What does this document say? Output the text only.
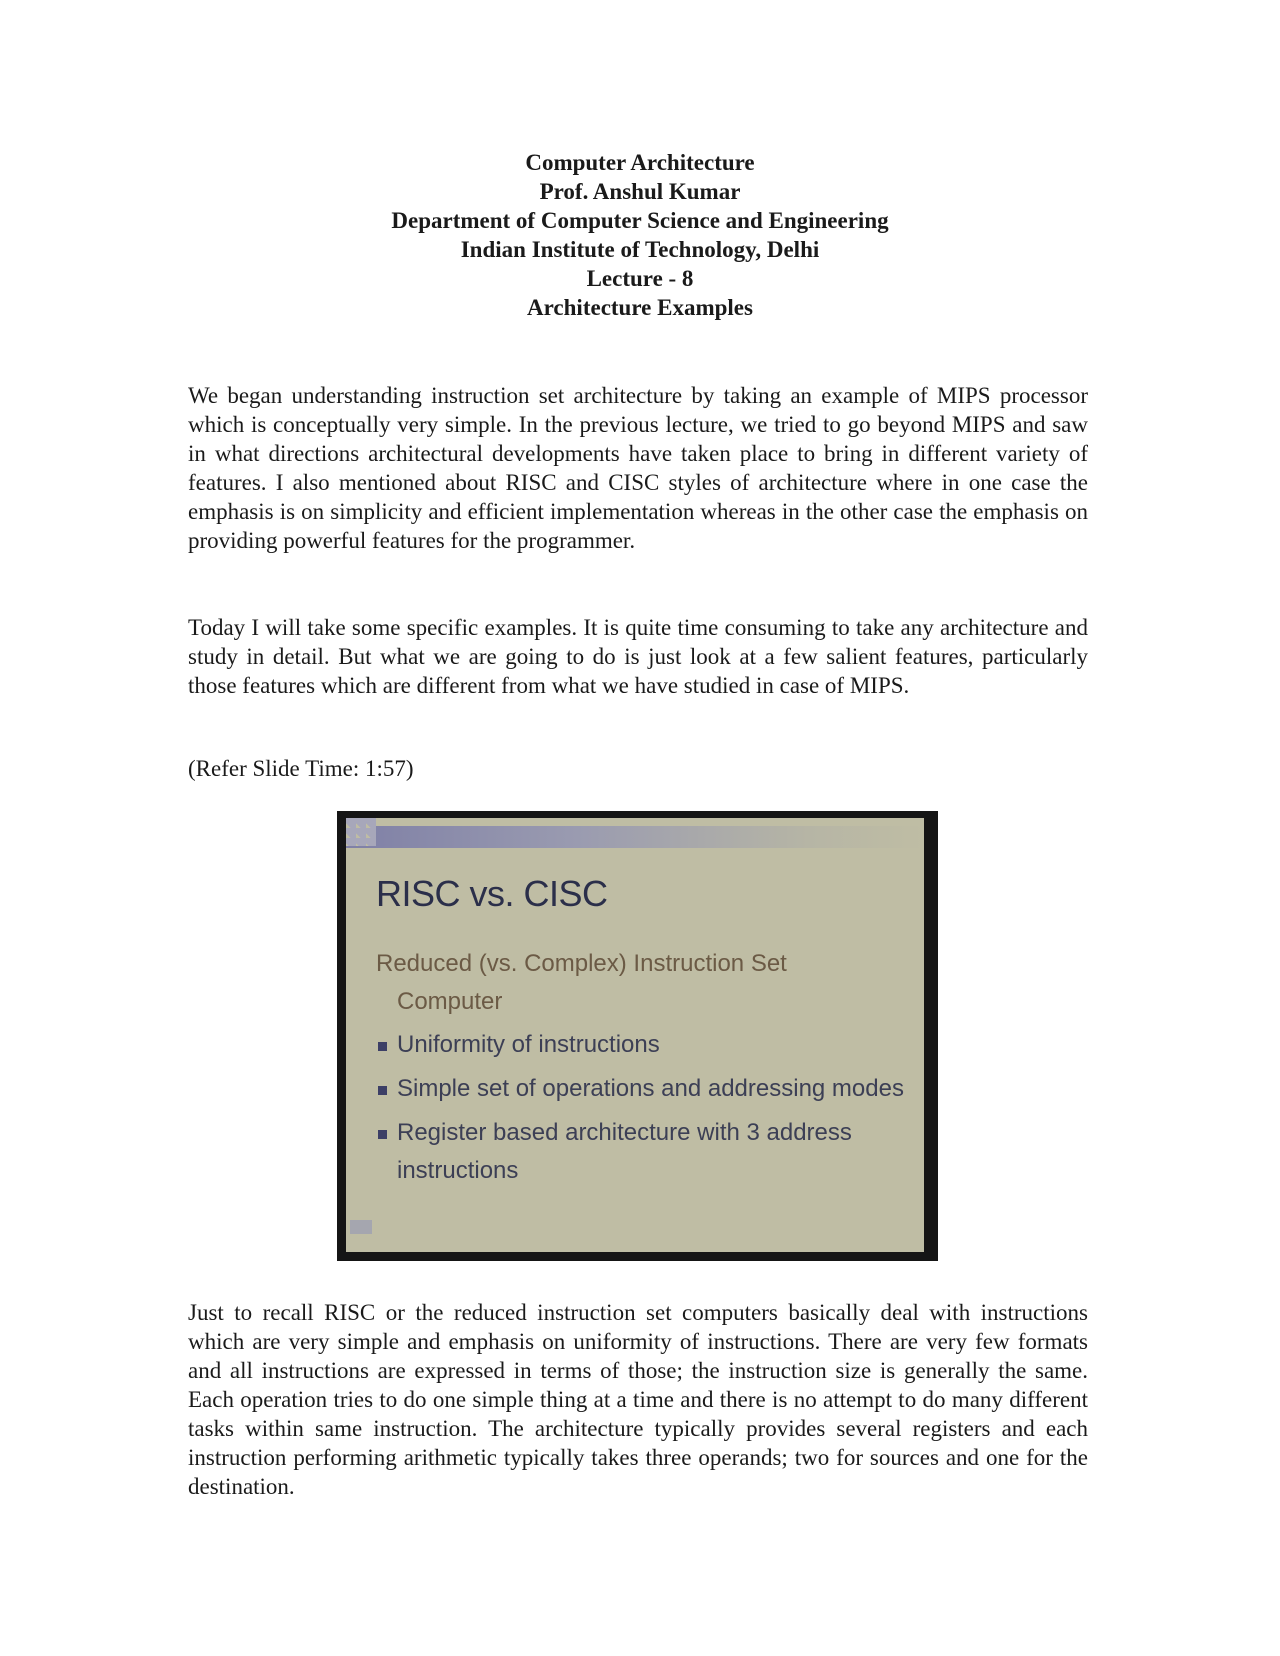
Computer Architecture
Prof. Anshul Kumar
Department of Computer Science and Engineering
Indian Institute of Technology, Delhi
Lecture - 8
Architecture Examples

We began understanding instruction set architecture by taking an example of MIPS processor which is conceptually very simple. In the previous lecture, we tried to go beyond MIPS and saw in what directions architectural developments have taken place to bring in different variety of features. I also mentioned about RISC and CISC styles of architecture where in one case the emphasis is on simplicity and efficient implementation whereas in the other case the emphasis on providing powerful features for the programmer.

Today I will take some specific examples. It is quite time consuming to take any architecture and study in detail. But what we are going to do is just look at a few salient features, particularly those features which are different from what we have studied in case of MIPS.

(Refer Slide Time: 1:57)

RISC vs. CISC
Reduced (vs. Complex) Instruction Set
Computer
Uniformity of instructions
Simple set of operations and addressing modes
Register based architecture with 3 address instructions

Just to recall RISC or the reduced instruction set computers basically deal with instructions which are very simple and emphasis on uniformity of instructions. There are very few formats and all instructions are expressed in terms of those; the instruction size is generally the same. Each operation tries to do one simple thing at a time and there is no attempt to do many different tasks within same instruction. The architecture typically provides several registers and each instruction performing arithmetic typically takes three operands; two for sources and one for the destination.
